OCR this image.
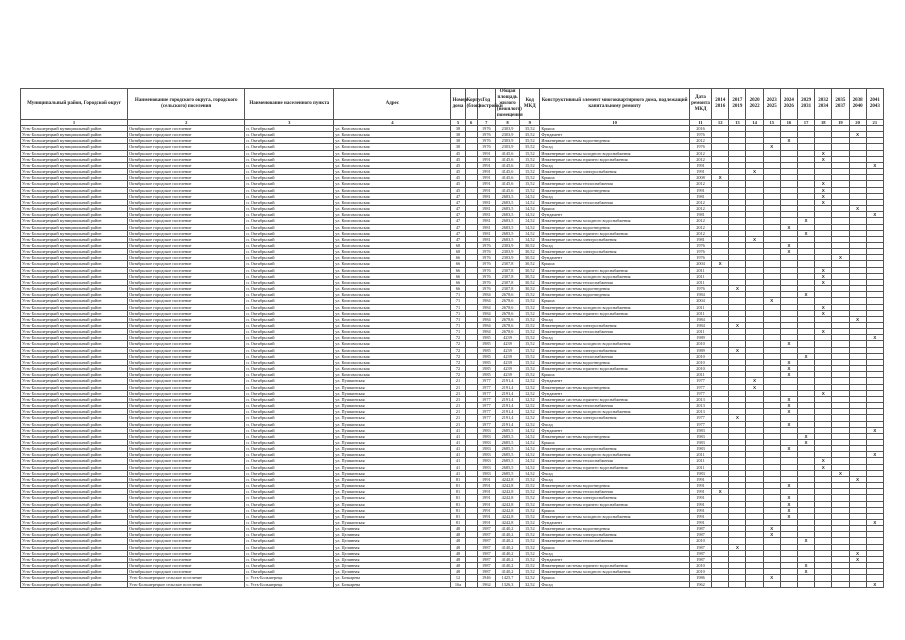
Муниципальный район, Городской округ	Наименование городского округа, городского (сельского) поселения	Наименование населенного пункта	Адрес	Номер дома	Корпус (блок)	Год постройки	Общая площадь жилого (нежилого) помещения	Код МКД	Конструктивный элемент многоквартирного дома, подлежащий капитальному ремонту	Дата ремонта МКД	2014 2016	2017 2019	2020 2022	2023 2025	2024 2026	2029 2031	2032 2034	2035 2037	2038 2040	2041 2043
1	2	3	4	5	6	7	8	9	10	11	12	13	14	15	16	17	18	19	20	21
Усть-Большерецкий муниципальный район	Октябрьское городское поселение	п. Октябрьский	ул. Комсомольская	38		1976	2303,9	35,52	Крыша	2016										
Усть-Большерецкий муниципальный район	Октябрьское городское поселение	п. Октябрьский	ул. Комсомольская	38		1976	2303,9	35,52	Фундамент	1976									X	
Усть-Большерецкий муниципальный район	Октябрьское городское поселение	п. Октябрьский	ул. Комсомольская	38		1976	2303,9	35,52	Инженерные системы водоотведения	2012					X					
Усть-Большерецкий муниципальный район	Октябрьское городское поселение	п. Октябрьский	ул. Комсомольская	38		1976	2303,9	35,52	Фасад	1976				X						
Усть-Большерецкий муниципальный район	Октябрьское городское поселение	п. Октябрьский	ул. Комсомольская	45		1991	4145,6	15,52	Инженерные системы холодного водоснабжения	2012							X			
Усть-Большерецкий муниципальный район	Октябрьское городское поселение	п. Октябрьский	ул. Комсомольская	45		1991	4145,6	15,52	Инженерные системы горячего водоснабжения	2012							X			
Усть-Большерецкий муниципальный район	Октябрьское городское поселение	п. Октябрьский	ул. Комсомольская	45		1991	4145,6	15,52	Фасад	1991										X
Усть-Большерецкий муниципальный район	Октябрьское городское поселение	п. Октябрьский	ул. Комсомольская	45		1991	4145,6	15,52	Инженерные системы электроснабжения	1991			X							
Усть-Большерецкий муниципальный район	Октябрьское городское поселение	п. Октябрьский	ул. Комсомольская	45		1991	4145,6	15,52	Крыша	2008	X									
Усть-Большерецкий муниципальный район	Октябрьское городское поселение	п. Октябрьский	ул. Комсомольская	45		1991	4145,6	15,52	Инженерные системы теплоснабжения	2012							X			
Усть-Большерецкий муниципальный район	Октябрьское городское поселение	п. Октябрьский	ул. Комсомольская	45		1991	4145,6	15,52	Инженерные системы водоотведения	1991							X			
Усть-Большерецкий муниципальный район	Октябрьское городское поселение	п. Октябрьский	ул. Комсомольская	47		1981	2683,5	14,52	Фасад	1981							X			
Усть-Большерецкий муниципальный район	Октябрьское городское поселение	п. Октябрьский	ул. Комсомольская	47		1981	2683,5	14,52	Инженерные системы теплоснабжения	2012							X			
Усть-Большерецкий муниципальный район	Октябрьское городское поселение	п. Октябрьский	ул. Комсомольская	47		1981	2683,5	14,52	Крыша	2012									X	
Усть-Большерецкий муниципальный район	Октябрьское городское поселение	п. Октябрьский	ул. Комсомольская	47		1981	2683,5	14,52	Фундамент	1981										X
Усть-Большерецкий муниципальный район	Октябрьское городское поселение	п. Октябрьский	ул. Комсомольская	47		1981	2683,5	14,52	Инженерные системы холодного водоснабжения	2012						X				
Усть-Большерецкий муниципальный район	Октябрьское городское поселение	п. Октябрьский	ул. Комсомольская	47		1981	2683,5	14,52	Инженерные системы водоотведения	2012					X					
Усть-Большерецкий муниципальный район	Октябрьское городское поселение	п. Октябрьский	ул. Комсомольская	47		1981	2683,5	14,52	Инженерные системы горячего водоснабжения	2012						X				
Усть-Большерецкий муниципальный район	Октябрьское городское поселение	п. Октябрьский	ул. Комсомольская	47		1981	2683,5	14,52	Инженерные системы электроснабжения	1981			X							
Усть-Большерецкий муниципальный район	Октябрьское городское поселение	п. Октябрьский	ул. Комсомольская	68		1976	2303,9	30,52	Фасад	1976					X					
Усть-Большерецкий муниципальный район	Октябрьское городское поселение	п. Октябрьский	ул. Комсомольская	68		1976	2303,9	30,52	Инженерные системы электроснабжения	1976					X					
Усть-Большерецкий муниципальный район	Октябрьское городское поселение	п. Октябрьский	ул. Комсомольская	66		1976	2303,9	30,52	Фундамент	1976								X		
Усть-Большерецкий муниципальный район	Октябрьское городское поселение	п. Октябрьский	ул. Комсомольская	66		1976	2307,8	30,52	Крыша	2004	X									
Усть-Большерецкий муниципальный район	Октябрьское городское поселение	п. Октябрьский	ул. Комсомольская	66		1976	2307,8	30,52	Инженерные системы горячего водоснабжения	2011							X			
Усть-Большерецкий муниципальный район	Октябрьское городское поселение	п. Октябрьский	ул. Комсомольская	66		1976	2307,8	30,52	Инженерные системы холодного водоснабжения	2011							X			
Усть-Большерецкий муниципальный район	Октябрьское городское поселение	п. Октябрьский	ул. Комсомольская	66		1976	2307,8	30,52	Инженерные системы теплоснабжения	2011							X			
Усть-Большерецкий муниципальный район	Октябрьское городское поселение	п. Октябрьский	ул. Комсомольская	66		1976	2307,8	30,52	Инженерные системы водоотведения	1976		X								
Усть-Большерецкий муниципальный район	Октябрьское городское поселение	п. Октябрьский	ул. Комсомольская	71		1984	2678,6	15,52	Инженерные системы водоотведения	1984						X				
Усть-Большерецкий муниципальный район	Октябрьское городское поселение	п. Октябрьский	ул. Комсомольская	71		1984	2678,6	15,52	Крыша	2004				X						
Усть-Большерецкий муниципальный район	Октябрьское городское поселение	п. Октябрьский	ул. Комсомольская	71		1984	2678,6	15,52	Инженерные системы холодного водоснабжения	2011							X			
Усть-Большерецкий муниципальный район	Октябрьское городское поселение	п. Октябрьский	ул. Комсомольская	71		1984	2678,6	15,52	Инженерные системы горячего водоснабжения	2011							X			
Усть-Большерецкий муниципальный район	Октябрьское городское поселение	п. Октябрьский	ул. Комсомольская	71		1984	2678,6	15,52	Фасад	1984									X	
Усть-Большерецкий муниципальный район	Октябрьское городское поселение	п. Октябрьский	ул. Комсомольская	71		1984	2678,6	15,52	Инженерные системы электроснабжения	1984		X								
Усть-Большерецкий муниципальный район	Октябрьское городское поселение	п. Октябрьский	ул. Комсомольская	71		1984	2678,6	15,52	Инженерные системы теплоснабжения	2011							X			
Усть-Большерецкий муниципальный район	Октябрьское городское поселение	п. Октябрьский	ул. Комсомольская	72		1985	4239	15,52	Фасад	1989										X
Усть-Большерецкий муниципальный район	Октябрьское городское поселение	п. Октябрьский	ул. Комсомольская	72		1985	4239	15,52	Инженерные системы холодного водоснабжения	2010					X					
Усть-Большерецкий муниципальный район	Октябрьское городское поселение	п. Октябрьский	ул. Комсомольская	72		1985	4239	15,52	Инженерные системы электроснабжения	1989		X								
Усть-Большерецкий муниципальный район	Октябрьское городское поселение	п. Октябрьский	ул. Комсомольская	72		1985	4239	15,52	Инженерные системы теплоснабжения	2010						X				
Усть-Большерецкий муниципальный район	Октябрьское городское поселение	п. Октябрьский	ул. Комсомольская	72		1985	4239	15,52	Инженерные системы водоотведения	2010					X					
Усть-Большерецкий муниципальный район	Октябрьское городское поселение	п. Октябрьский	ул. Комсомольская	72		1985	4239	15,52	Инженерные системы горячего водоснабжения	2010					X					
Усть-Большерецкий муниципальный район	Октябрьское городское поселение	п. Октябрьский	ул. Комсомольская	72		1985	4239	15,52	Крыша	2011					X					
Усть-Большерецкий муниципальный район	Октябрьское городское поселение	п. Октябрьский	ул. Пушкинская	21		1977	2191,4	12,52	Фундамент	1977			X							
Усть-Большерецкий муниципальный район	Октябрьское городское поселение	п. Октябрьский	ул. Пушкинская	21		1977	2191,4	12,52	Инженерные системы водоотведения	1977			X							
Усть-Большерецкий муниципальный район	Октябрьское городское поселение	п. Октябрьский	ул. Пушкинская	21		1977	2191,4	12,52	Фундамент	1977							X			
Усть-Большерецкий муниципальный район	Октябрьское городское поселение	п. Октябрьский	ул. Пушкинская	21		1977	2191,4	12,52	Инженерные системы горячего водоснабжения	2013					X					
Усть-Большерецкий муниципальный район	Октябрьское городское поселение	п. Октябрьский	ул. Пушкинская	21		1977	2191,4	12,52	Инженерные системы теплоснабжения	2013					X					
Усть-Большерецкий муниципальный район	Октябрьское городское поселение	п. Октябрьский	ул. Пушкинская	21		1977	2191,4	12,52	Инженерные системы холодного водоснабжения	2013					X					
Усть-Большерецкий муниципальный район	Октябрьское городское поселение	п. Октябрьский	ул. Пушкинская	21		1977	2191,4	12,52	Инженерные системы электроснабжения	1977		X								
Усть-Большерецкий муниципальный район	Октябрьское городское поселение	п. Октябрьский	ул. Пушкинская	21		1977	2191,4	12,52	Фасад	1977					X					
Усть-Большерецкий муниципальный район	Октябрьское городское поселение	п. Октябрьский	ул. Пушкинская	41		1983	2685,5	14,52	Фундамент	1983										X
Усть-Большерецкий муниципальный район	Октябрьское городское поселение	п. Октябрьский	ул. Пушкинская	41		1983	2685,5	14,52	Инженерные системы водоотведения	1983						X				
Усть-Большерецкий муниципальный район	Октябрьское городское поселение	п. Октябрьский	ул. Пушкинская	41		1983	2685,5	14,52	Крыша	1983						X				
Усть-Большерецкий муниципальный район	Октябрьское городское поселение	п. Октябрьский	ул. Пушкинская	41		1983	2685,5	14,52	Инженерные системы электроснабжения	1983					X					
Усть-Большерецкий муниципальный район	Октябрьское городское поселение	п. Октябрьский	ул. Пушкинская	41		1983	2685,5	14,52	Инженерные системы холодного водоснабжения	2011										X
Усть-Большерецкий муниципальный район	Октябрьское городское поселение	п. Октябрьский	ул. Пушкинская	41		1983	2685,5	14,52	Инженерные системы теплоснабжения	2011							X			
Усть-Большерецкий муниципальный район	Октябрьское городское поселение	п. Октябрьский	ул. Пушкинская	41		1983	2685,5	14,52	Инженерные системы горячего водоснабжения	2011							X			
Усть-Большерецкий муниципальный район	Октябрьское городское поселение	п. Октябрьский	ул. Пушкинская	41		1983	2685,5	14,52	Фасад	1983								X		
Усть-Большерецкий муниципальный район	Октябрьское городское поселение	п. Октябрьский	ул. Пушкинская	81		1991	4242,8	15,52	Фасад	1991									X	
Усть-Большерецкий муниципальный район	Октябрьское городское поселение	п. Октябрьский	ул. Пушкинская	81		1991	4242,8	15,52	Инженерные системы водоотведения	1991					X					
Усть-Большерецкий муниципальный район	Октябрьское городское поселение	п. Октябрьский	ул. Пушкинская	81		1991	4242,8	15,52	Инженерные системы теплоснабжения	1991	X									
Усть-Большерецкий муниципальный район	Октябрьское городское поселение	п. Октябрьский	ул. Пушкинская	81		1991	4242,8	15,52	Инженерные системы электроснабжения	1991					X					
Усть-Большерецкий муниципальный район	Октябрьское городское поселение	п. Октябрьский	ул. Пушкинская	81		1991	4242,8	15,52	Инженерные системы горячего водоснабжения	1991					X					
Усть-Большерецкий муниципальный район	Октябрьское городское поселение	п. Октябрьский	ул. Пушкинская	81		1991	4242,8	15,52	Крыша	1991					X					
Усть-Большерецкий муниципальный район	Октябрьское городское поселение	п. Октябрьский	ул. Пушкинская	81		1991	4242,8	15,52	Инженерные системы холодного водоснабжения	1991					X					
Усть-Большерецкий муниципальный район	Октябрьское городское поселение	п. Октябрьский	ул. Пушкинская	81		1991	4242,8	15,52	Фундамент	1991										X
Усть-Большерецкий муниципальный район	Октябрьское городское поселение	п. Октябрьский	ул. Целинная	48		1987	4140,2	15,52	Инженерные системы водоотведения	1987				X						
Усть-Большерецкий муниципальный район	Октябрьское городское поселение	п. Октябрьский	ул. Целинная	48		1987	4140,2	15,52	Инженерные системы электроснабжения	1987				X						
Усть-Большерецкий муниципальный район	Октябрьское городское поселение	п. Октябрьский	ул. Целинная	48		1987	4140,2	15,52	Инженерные системы теплоснабжения	2010						X				
Усть-Большерецкий муниципальный район	Октябрьское городское поселение	п. Октябрьский	ул. Целинная	48		1987	4140,2	15,52	Крыша	1987		X								
Усть-Большерецкий муниципальный район	Октябрьское городское поселение	п. Октябрьский	ул. Целинная	48		1987	4140,2	15,52	Фасад	1987									X	
Усть-Большерецкий муниципальный район	Октябрьское городское поселение	п. Октябрьский	ул. Целинная	48		1987	4140,2	15,52	Фундамент	1987									X	
Усть-Большерецкий муниципальный район	Октябрьское городское поселение	п. Октябрьский	ул. Целинная	48		1987	4140,2	15,52	Инженерные системы горячего водоснабжения	2010						X				
Усть-Большерецкий муниципальный район	Октябрьское городское поселение	п. Октябрьский	ул. Целинная	48		1987	4140,2	15,52	Инженерные системы холодного водоснабжения	2010						X				
Усть-Большерецкий муниципальный район	Усть-Большерецкое сельское поселение	с. Усть-Большерецк	ул. Бочкарева	12		1946	1425,7	32,52	Крыша	1986				X						
Усть-Большерецкий муниципальный район	Усть-Большерецкое сельское поселение	с. Усть-Большерецк	ул. Бочкарева	16а		1962	1326,3	32,52	Фасад	1962										X
